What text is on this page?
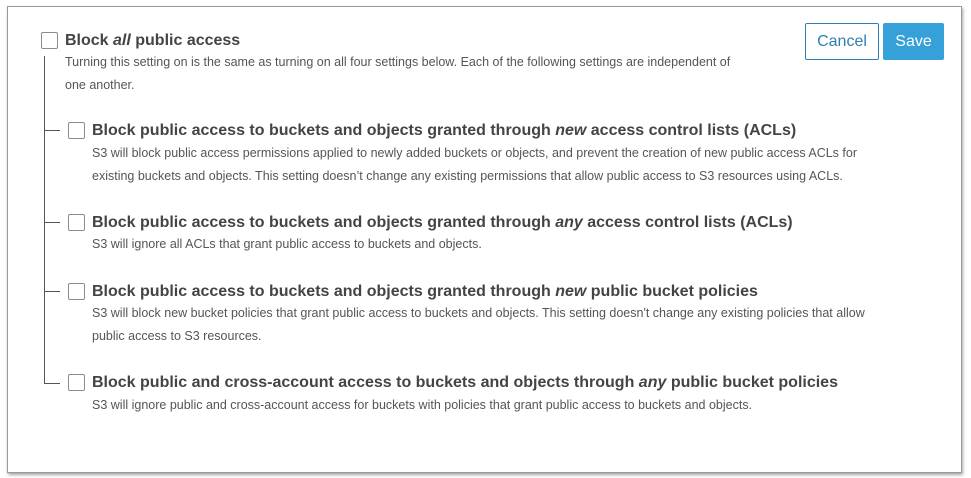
Block all public access
Turning this setting on is the same as turning on all four settings below. Each of the following settings are independent of
one another.
Cancel	Save
Block public access to buckets and objects granted through new access control lists (ACLs)
S3 will block public access permissions applied to newly added buckets or objects, and prevent the creation of new public access ACLs for
existing buckets and objects. This setting doesn’t change any existing permissions that allow public access to S3 resources using ACLs.
Block public access to buckets and objects granted through any access control lists (ACLs)
S3 will ignore all ACLs that grant public access to buckets and objects.
Block public access to buckets and objects granted through new public bucket policies
S3 will block new bucket policies that grant public access to buckets and objects. This setting doesn't change any existing policies that allow
public access to S3 resources.
Block public and cross-account access to buckets and objects through any public bucket policies
S3 will ignore public and cross-account access for buckets with policies that grant public access to buckets and objects.
